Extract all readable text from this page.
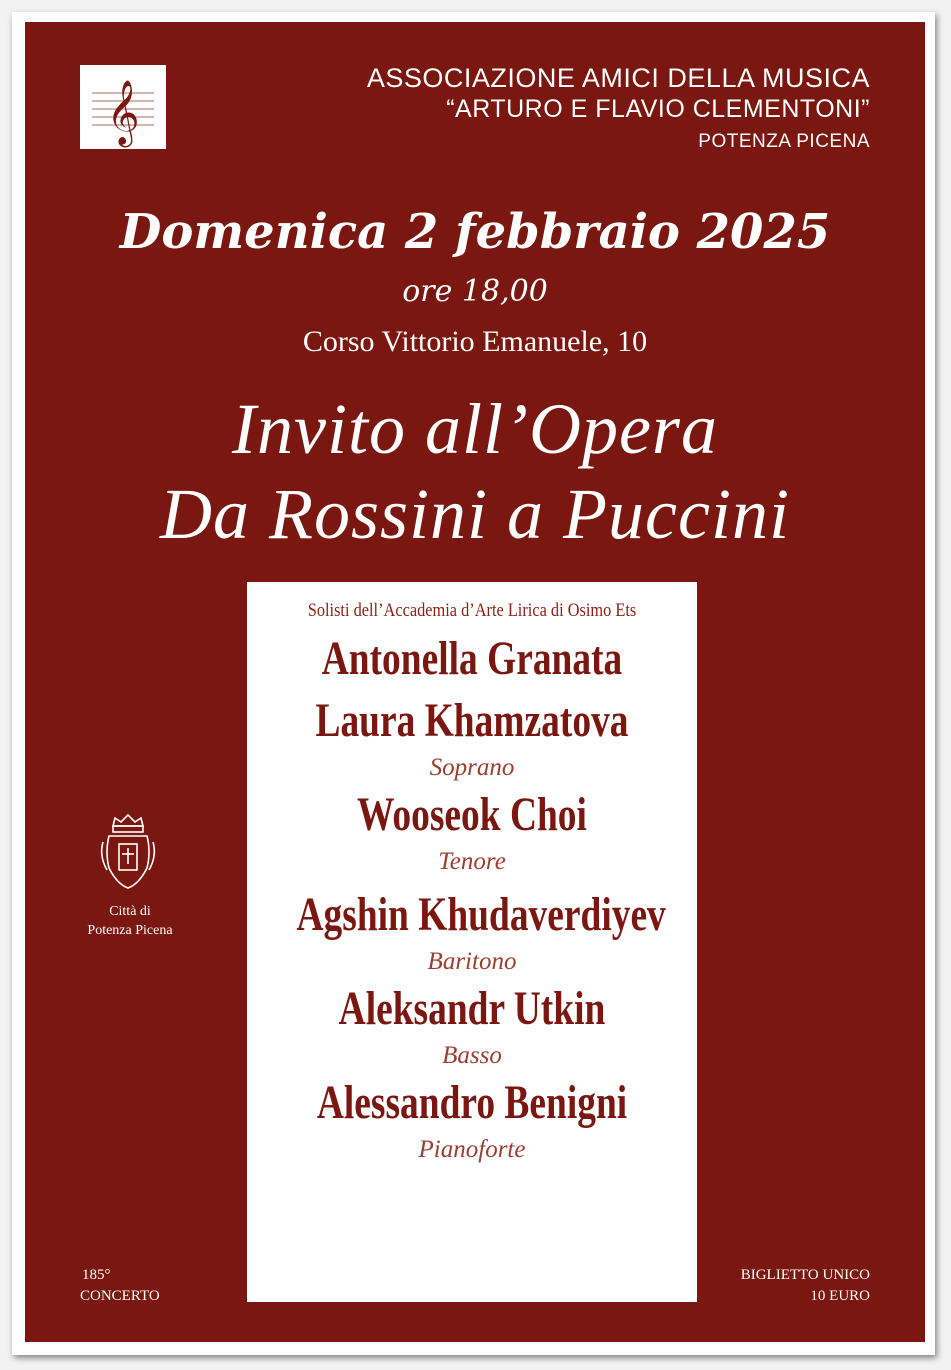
𝄞
ASSOCIAZIONE AMICI DELLA MUSICA
“ARTURO E FLAVIO CLEMENTONI”
POTENZA PICENA
Domenica 2 febbraio 2025
ore 18,00
Corso Vittorio Emanuele, 10
Invito all’Opera
Da Rossini a Puccini
Solisti dell’Accademia d’Arte Lirica di Osimo Ets
Antonella Granata
Laura Khamzatova
Soprano
Wooseok Choi
Tenore
Agshin Khudaverdiyev
Baritono
Aleksandr Utkin
Basso
Alessandro Benigni
Pianoforte
Città di
Potenza Picena
185°
CONCERTO
BIGLIETTO UNICO
10 EURO
